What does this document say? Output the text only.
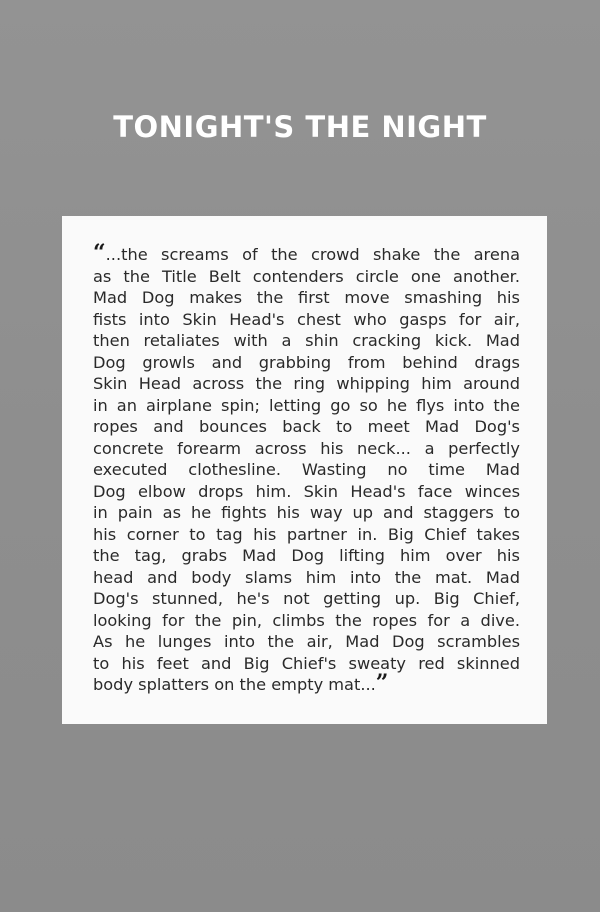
TONIGHT'S THE NIGHT

“...the screams of the crowd shake the arena
as the Title Belt contenders circle one another.
Mad Dog makes the first move smashing his
fists into Skin Head's chest who gasps for air,
then retaliates with a shin cracking kick. Mad
Dog growls and grabbing from behind drags
Skin Head across the ring whipping him around
in an airplane spin; letting go so he flys into the
ropes and bounces back to meet Mad Dog's
concrete forearm across his neck... a perfectly
executed clothesline. Wasting no time Mad
Dog elbow drops him. Skin Head's face winces
in pain as he fights his way up and staggers to
his corner to tag his partner in. Big Chief takes
the tag, grabs Mad Dog lifting him over his
head and body slams him into the mat. Mad
Dog's stunned, he's not getting up. Big Chief,
looking for the pin, climbs the ropes for a dive.
As he lunges into the air, Mad Dog scrambles
to his feet and Big Chief's sweaty red skinned
body splatters on the empty mat...”
